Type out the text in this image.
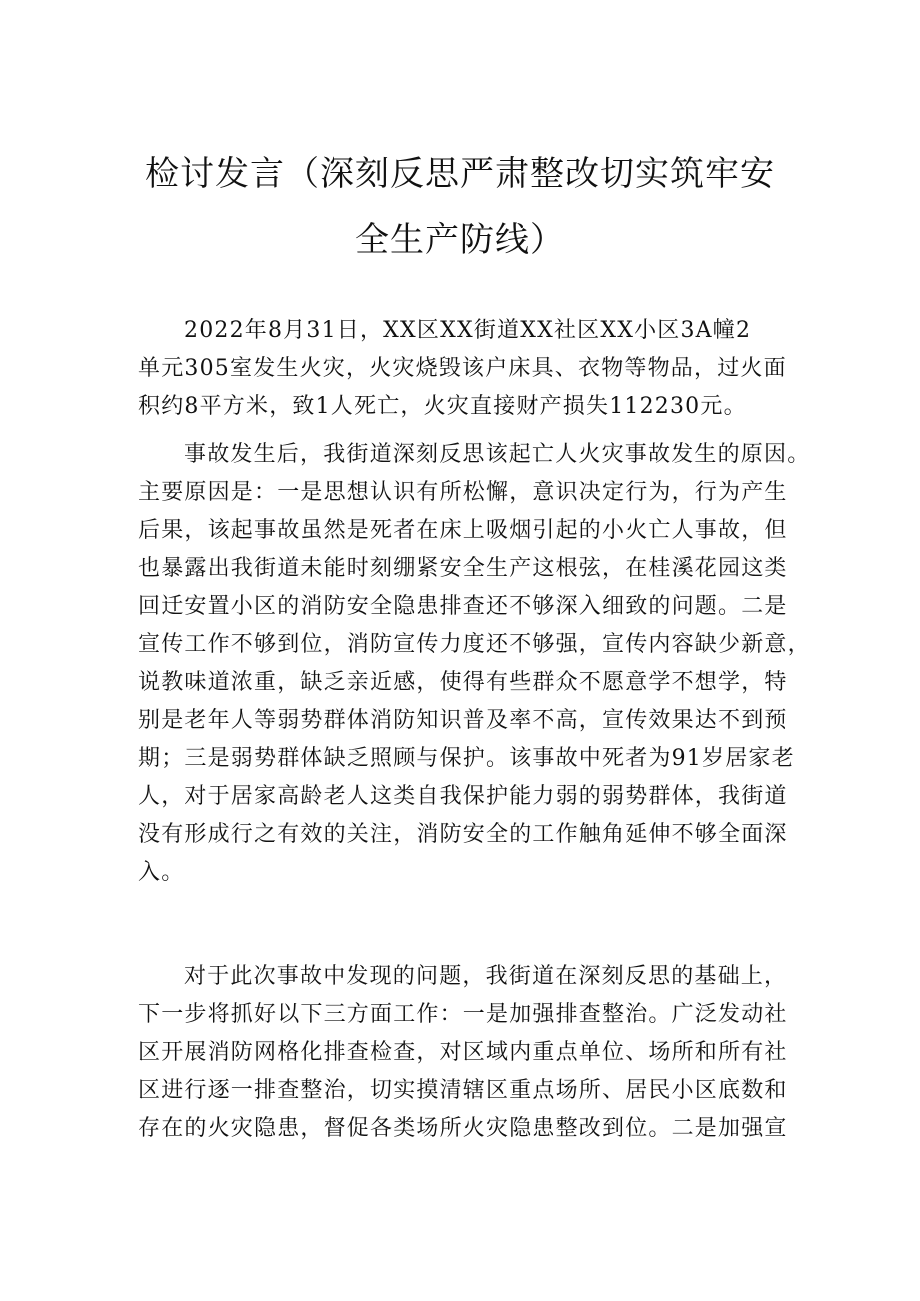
检讨发言（深刻反思严肃整改切实筑牢安
全生产防线）
2022年8月31日，XX区XX街道XX社区XX小区3A幢2
单元305室发生火灾，火灾烧毁该户床具、衣物等物品，过火面
积约8平方米，致1人死亡，火灾直接财产损失112230元。
事故发生后，我街道深刻反思该起亡人火灾事故发生的原因。
主要原因是：一是思想认识有所松懈，意识决定行为，行为产生
后果，该起事故虽然是死者在床上吸烟引起的小火亡人事故，但
也暴露出我街道未能时刻绷紧安全生产这根弦，在桂溪花园这类
回迁安置小区的消防安全隐患排查还不够深入细致的问题。二是
宣传工作不够到位，消防宣传力度还不够强，宣传内容缺少新意，
说教味道浓重，缺乏亲近感，使得有些群众不愿意学不想学，特
别是老年人等弱势群体消防知识普及率不高，宣传效果达不到预
期；三是弱势群体缺乏照顾与保护。该事故中死者为91岁居家老
人，对于居家高龄老人这类自我保护能力弱的弱势群体，我街道
没有形成行之有效的关注，消防安全的工作触角延伸不够全面深
入。
对于此次事故中发现的问题，我街道在深刻反思的基础上，
下一步将抓好以下三方面工作：一是加强排查整治。广泛发动社
区开展消防网格化排查检查，对区域内重点单位、场所和所有社
区进行逐一排查整治，切实摸清辖区重点场所、居民小区底数和
存在的火灾隐患，督促各类场所火灾隐患整改到位。二是加强宣
